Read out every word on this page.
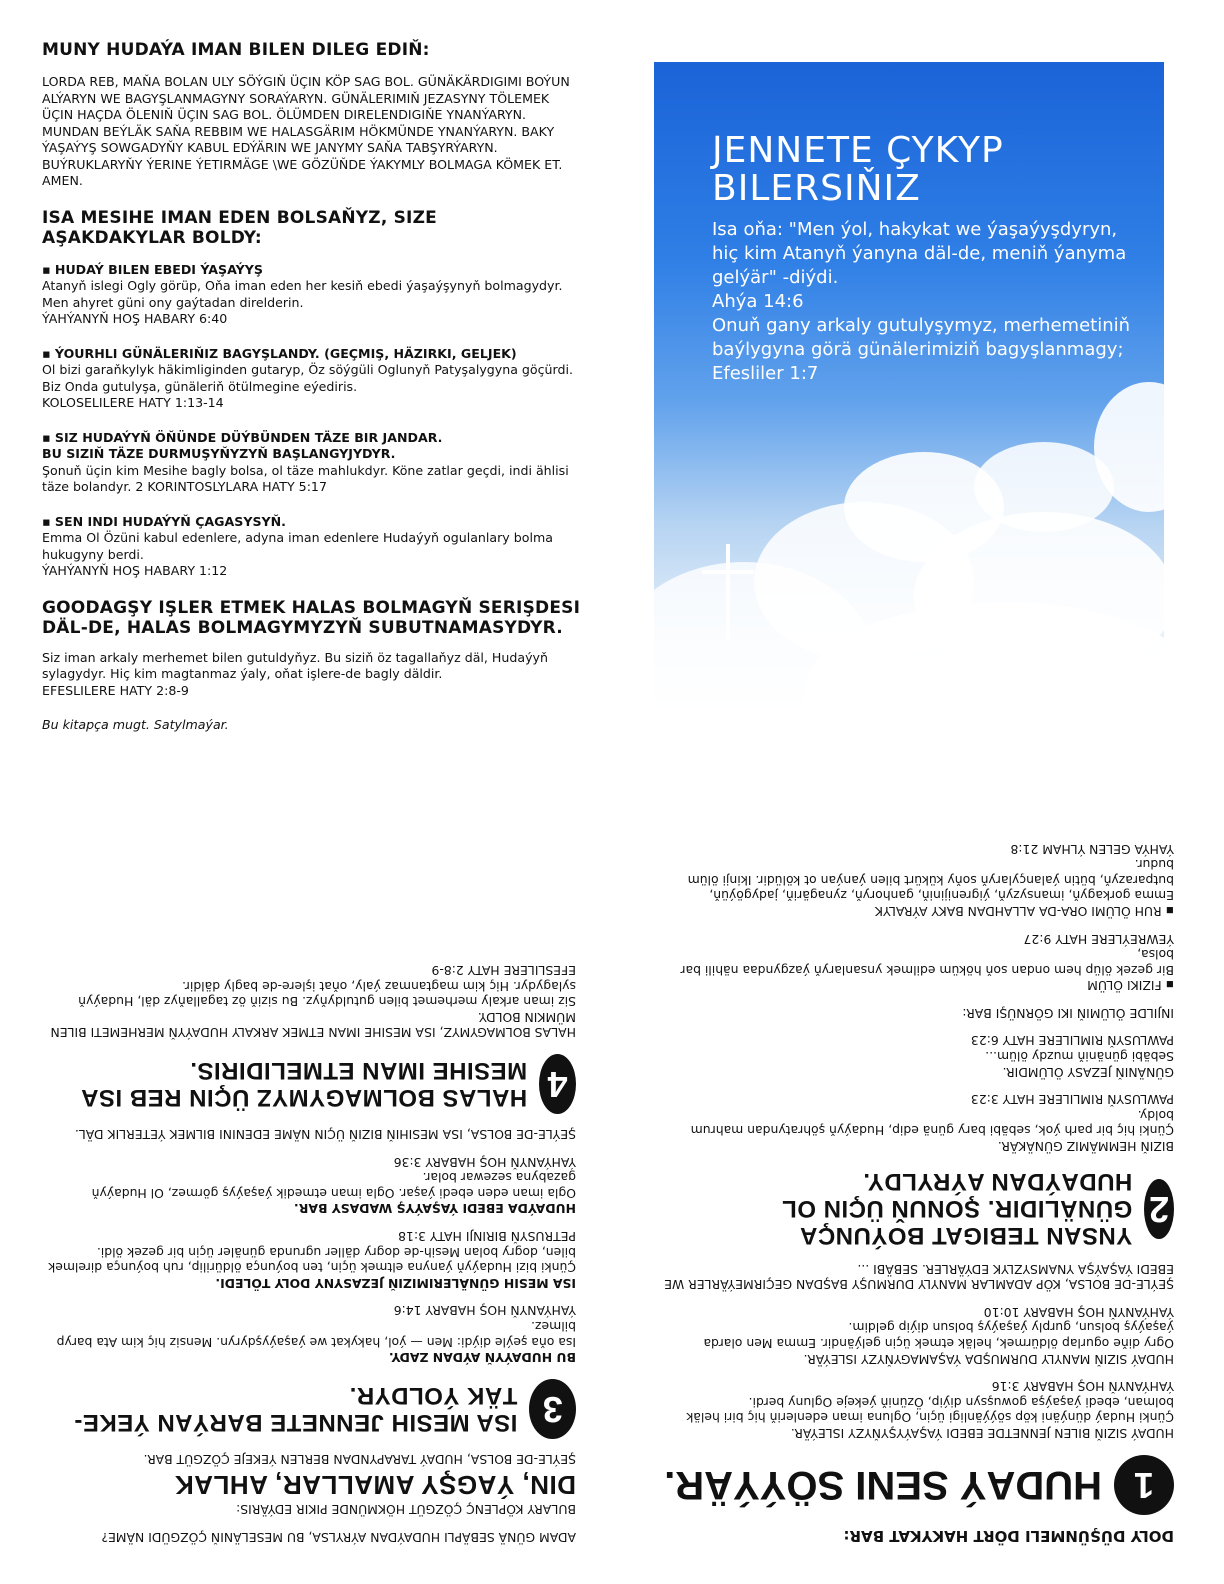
MUNY HUDAÝA IMAN BILEN DILEG EDIŇ:

LORDA REB, MAŇA BOLAN ULY SÖÝGIŇ ÜÇIN KÖP SAG BOL. GÜNÄKÄRDIGIMI BOÝUN ALÝARYN WE BAGYŞLANMAGYNY SORAÝARYN. GÜNÄLERIMIŇ JEZASYNY TÖLEMEK ÜÇIN HAÇDA ÖLENIŇ ÜÇIN SAG BOL. ÖLÜMDEN DIRELENDIGIŇE YNANÝARYN. MUNDAN BEÝLÄK SAŇA REBBIM WE HALASGÄRIM HÖKMÜNDE YNANÝARYN. BAKY ÝAŞAÝYŞ SOWGADYŇY KABUL EDÝÄRIN WE JANYMY SAŇA TABŞYRÝARYN. BUÝRUKLARYŇY ÝERINE ÝETIRMÄGE \WE GÖZÜŇDE ÝAKYMLY BOLMAGA KÖMEK ET. AMEN.

ISA MESIHE IMAN EDEN BOLSAŇYZ, SIZE AŞAKDAKYLAR BOLDY:

▪ HUDAÝ BILEN EBEDI ÝAŞAÝYŞ

Atanyň islegi Ogly görüp, Oňa iman eden her kesiň ebedi ýaşaýşynyň bolmagydyr. Men ahyret güni ony gaýtadan direlderin.

ÝAHÝANYŇ HOŞ HABARY 6:40

▪ ÝOURHLI GÜNÄLERIŇIZ BAGYŞLANDY. (GEÇMIŞ, HÄZIRKI, GELJEK)

Ol bizi garaňkylyk häkimliginden gutaryp, Öz söýgüli Oglunyň Patyşalygyna göçürdi. Biz Onda gutulyşa, günäleriň ötülmegine eýediris.

KOLOSELILERE HATY 1:13-14

▪ SIZ HUDAÝYŇ ÖŇÜNDE DÜÝBÜNDEN TÄZE BIR JANDAR.

BU SIZIŇ TÄZE DURMUŞYŇYZYŇ BAŞLANGYJYDYR.

Şonuň üçin kim Mesihe bagly bolsa, ol täze mahlukdyr. Köne zatlar geçdi, indi ählisi täze bolandyr. 2 KORINTOSLYLARA HATY 5:17

▪ SEN INDI HUDAÝYŇ ÇAGASYSYŇ.

Emma Ol Özüni kabul edenlere, adyna iman edenlere Hudaýyň ogulanlary bolma hukugyny berdi.

ÝAHÝANYŇ HOŞ HABARY 1:12

GOODAGŞY IŞLER ETMEK HALAS BOLMAGYŇ SERIŞDESI DÄL-DE, HALAS BOLMAGYMYZYŇ SUBUTNAMASYDYR.

Siz iman arkaly merhemet bilen gutuldyňyz. Bu siziň öz tagallaňyz däl, Hudaýyň sylagydyr. Hiç kim magtanmaz ýaly, oňat işlere-de bagly däldir.

EFESLILERE HATY 2:8-9

Bu kitapça mugt. Satylmaýar.
JENNETE ÇYKYP
BILERSIŇIZ
Isa oňa: "Men ýol, hakykat we ýaşaýyşdyryn, hiç kim Atanyň ýanyna däl-de, meniň ýanyma gelýär" -diýdi.
Ahýa 14:6
Onuň gany arkaly gutulyşymyz, merhemetiniň baýlygyna görä günälerimiziň bagyşlanmagy;
Efesliler 1:7

ADAM GÜNÄ SEBÄPLI HUDAÝDAN AÝRYLSA, BU MESELÄNIŇ ÇÖZGÜDI NÄME?

BULARY KÖPLENÇ ÇÖZGÜT HÖKMÜNDE PIKIR EDÝÄRIS:

DIN, ÝAGŞY AMALLAR, AHLAK

ŞEÝLE-DE BOLSA, HUDAÝ TARAPYNDAN BERLEN ÝEKEJE ÇÖZGÜT BAR.

3
ISA MESIH JENNETE BARÝAN ÝEKE-TÄK ÝOLDYR.

BU HUDAÝYŇ AÝDAN ZADY.

Isa oňa şeýle diýdi: Men — ýol, hakykat we ýaşaýyşdyryn. Mensiz hiç kim Ata baryp bilmez.

ÝAHÝANYŇ HOŞ HABARY 14:6

ISA MESIH GÜNÄLERIMIZIŇ JEZASYNY DOLY TÖLEDI.

Çünki bizi Hudaýyň ýanyna eltmek üçin, ten boýunça öldürilip, ruh boýunça direlmek bilen, dogry bolan Mesih-de dogry däller ugrunda günäler üçin bir gezek öldi.

PETRUSYŇ BIRINJI HATY 3:18

HUDAÝDA EBEDI ÝAŞAÝYŞ WADASY BAR.

Ogla iman eden ebedi ýaşar. Ogla iman etmedik ýaşaýyş görmez, Ol Hudaýyň gazabyna sezewar bolar.

ÝAHÝANYŇ HOŞ HABARY 3:36

ŞEÝLE-DE BOLSA, ISA MESIHIŇ BIZIŇ ÜÇIN NÄME EDENINI BILMEK ÝETERLIK DÄL.

4
HALAS BOLMAGYMYZ ÜÇIN REB ISA MESIHE IMAN ETMELIDIRIS.

HALAS BOLMAGYMYZ, ISA MESIHE IMAN ETMEK ARKALY HUDAÝYŇ MERHEMETI BILEN MÜMKIN BOLDY.

Siz iman arkaly merhemet bilen gutuldyňyz. Bu siziň öz tagallaňyz däl, Hudaýyň sylagydyr. Hiç kim magtanmaz ýaly, oňat işlere-de bagly däldir.

EFESLILERE HATY 2:8-9

DOLY DÜŞÜNMELI DÖRT HAKYKAT BAR:

1
HUDAÝ SENI SÖÝÝÄR.

HUDAÝ SIZIŇ BILEN JENNETDE EBEDI ÝAŞAÝYŞYŇYZY ISLEÝÄR.

Çünki Hudaý dünýäni köp söýýänligi üçin, Ogluna iman edenleriň hiç biri heläk bolman, ebedi ýaşaýşa gowuşsyn diýip, Özüniň ýekeje Ogluny berdi.

ÝAHÝANYŇ HOŞ HABARY 3:16

HUDAÝ SIZIŇ MANYLY DURMUŞDA ÝAŞAMAGYŇYZY ISLEÝÄR.

Ogry diňe ogurlap öldürmek, heläk etmek üçin gelýändir. Emma Men olarda ýaşaýyş bolsun, gurply ýaşaýyş bolsun diýip geldim.

ÝAHÝANYŇ HOŞ HABARY 10:10

ŞEÝLE-DE BOLSA, KÖP ADAMLAR MANYLY DURMUŞY BAŞDAN GEÇIRMEÝÄRLER WE EBEDI ÝAŞAÝŞA YNAMSYZLYK EDÝÄRLER. SEBÄBI ...

2
YNSAN TEBIGAT BOÝUNÇA GÜNÄLIDIR. ŞONUŇ ÜÇIN OL HUDAÝDAN AÝRYLDY.

BIZIŇ HEMMÄMIZ GÜNÄKÄR.

Çünki hiç bir parh ýok, sebäbi bary günä edip, Hudaýyň şöhratyndan mahrum boldy.

PAWLUSYŇ RIMLILERE HATY 3:23

GÜNÄNIŇ JEZASY ÖLÜMDIR.

Sebäbi günäniň muzdy ölüm...

PAWLUSYŇ RIMLILERE HATY 6:23

INJILDE ÖLÜMIŇ IKI GÖRNÜŞI BAR:

▪ FIZIKI ÖLÜM

Bir gezek ölüp hem ondan soň höküm edilmek ynsanlaryň ýazgyndaa nähili bar bolsa,

ÝEWREÝLERE HATY 9:27

▪ RUH ÖLÜMI ORA-DA ALLAHDAN BAKY AÝRALYK

Emma gorkagyň, imansyzyň, ýigrenijiniň, ganhoryň, zynagäriň, jadygöýüň, butparazyň, bütin ýalançylaryň soňy kükürt bilen ýanýan ot kölüdir. Ikinji ölüm budur.

ÝAHÝA GELEN ÝLHAM 21:8
